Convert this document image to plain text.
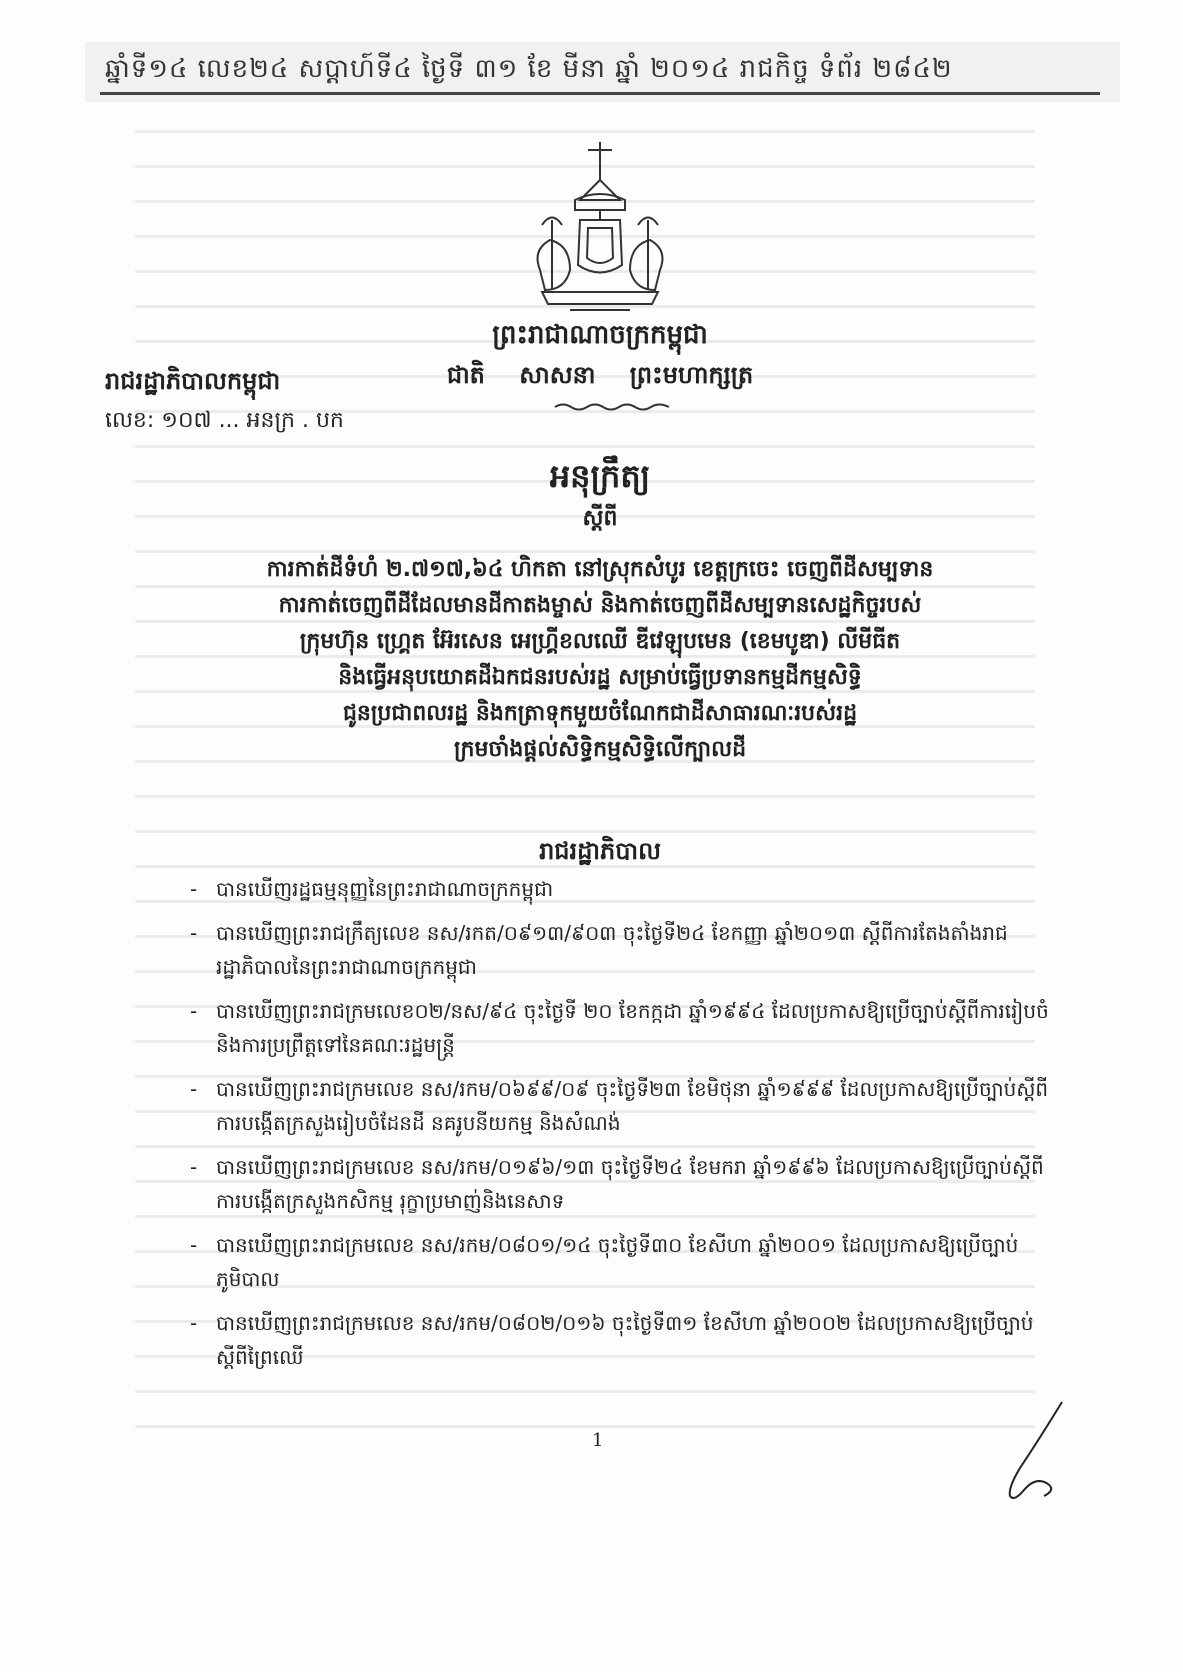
ឆ្នាំទី១៤ លេខ២៤ សប្តាហ៍ទី៤ ថ្ងៃទី ៣១ ខែ មីនា ឆ្នាំ ២០១៤ រាជកិច្ច ទំព័រ ២៨៤២
ព្រះរាជាណាចក្រកម្ពុជា
ជាតិ សាសនា ព្រះមហាក្សត្រ
រាជរដ្ឋាភិបាលកម្ពុជា
លេខ: ១០៧ ... អនក្រ . បក
អនុក្រឹត្យ
ស្តីពី
ការកាត់ដីទំហំ ២.៧១៧,៦៤ ហិកតា នៅស្រុកសំបូរ ខេត្តក្រចេះ ចេញពីដីសម្បទាន
ការកាត់ចេញពីដីដែលមានដីកាតងម្ចាស់ និងកាត់ចេញពីដីសម្បទានសេដ្ឋកិច្ចរបស់
ក្រុមហ៊ុន ហ្គ្រេត អ៊ែរសេន អេហ្គ្រីខលឈើ ឌីវេឡុបមេន (ខេមបូឌា) លីមីធីត
និងធ្វើអនុបយោគដីឯកជនរបស់រដ្ឋ សម្រាប់ធ្វើប្រទានកម្មដីកម្មសិទ្ធិ
ជូនប្រជាពលរដ្ឋ និងកត្រាទុកមួយចំណែកជាដីសាធារណៈរបស់រដ្ឋ
ក្រមចាំងផ្តល់សិទ្ធិកម្មសិទ្ធិលើក្បាលដី
រាជរដ្ឋាភិបាល
- បានឃើញរដ្ឋធម្មនុញ្ញនៃព្រះរាជាណាចក្រកម្ពុជា
- បានឃើញព្រះរាជក្រឹត្យលេខ នស/រកត/០៩១៣/៩០៣ ចុះថ្ងៃទី២៤ ខែកញ្ញា ឆ្នាំ២០១៣ ស្តីពីការតែងតាំងរាជរដ្ឋាភិបាលនៃព្រះរាជាណាចក្រកម្ពុជា
- បានឃើញព្រះរាជក្រមលេខ០២/នស/៩៤ ចុះថ្ងៃទី ២០ ខែកក្កដា ឆ្នាំ១៩៩៤ ដែលប្រកាសឱ្យប្រើច្បាប់ស្តីពីការរៀបចំនិងការប្រព្រឹត្តទៅនៃគណៈរដ្ឋមន្ត្រី
- បានឃើញព្រះរាជក្រមលេខ នស/រកម/០៦៩៩/០៩ ចុះថ្ងៃទី២៣ ខែមិថុនា ឆ្នាំ១៩៩៩ ដែលប្រកាសឱ្យប្រើច្បាប់ស្តីពីការបង្កើតក្រសួងរៀបចំដែនដី នគរូបនីយកម្ម និងសំណង់
- បានឃើញព្រះរាជក្រមលេខ នស/រកម/០១៩៦/១៣ ចុះថ្ងៃទី២៤ ខែមករា ឆ្នាំ១៩៩៦ ដែលប្រកាសឱ្យប្រើច្បាប់ស្តីពីការបង្កើតក្រសួងកសិកម្ម រុក្ខាប្រមាញ់និងនេសាទ
- បានឃើញព្រះរាជក្រមលេខ នស/រកម/០៨០១/១៤ ចុះថ្ងៃទី៣០ ខែសីហា ឆ្នាំ២០០១ ដែលប្រកាសឱ្យប្រើច្បាប់ភូមិបាល
- បានឃើញព្រះរាជក្រមលេខ នស/រកម/០៨០២/០១៦ ចុះថ្ងៃទី៣១ ខែសីហា ឆ្នាំ២០០២ ដែលប្រកាសឱ្យប្រើច្បាប់ស្តីពីព្រៃឈើ
1
